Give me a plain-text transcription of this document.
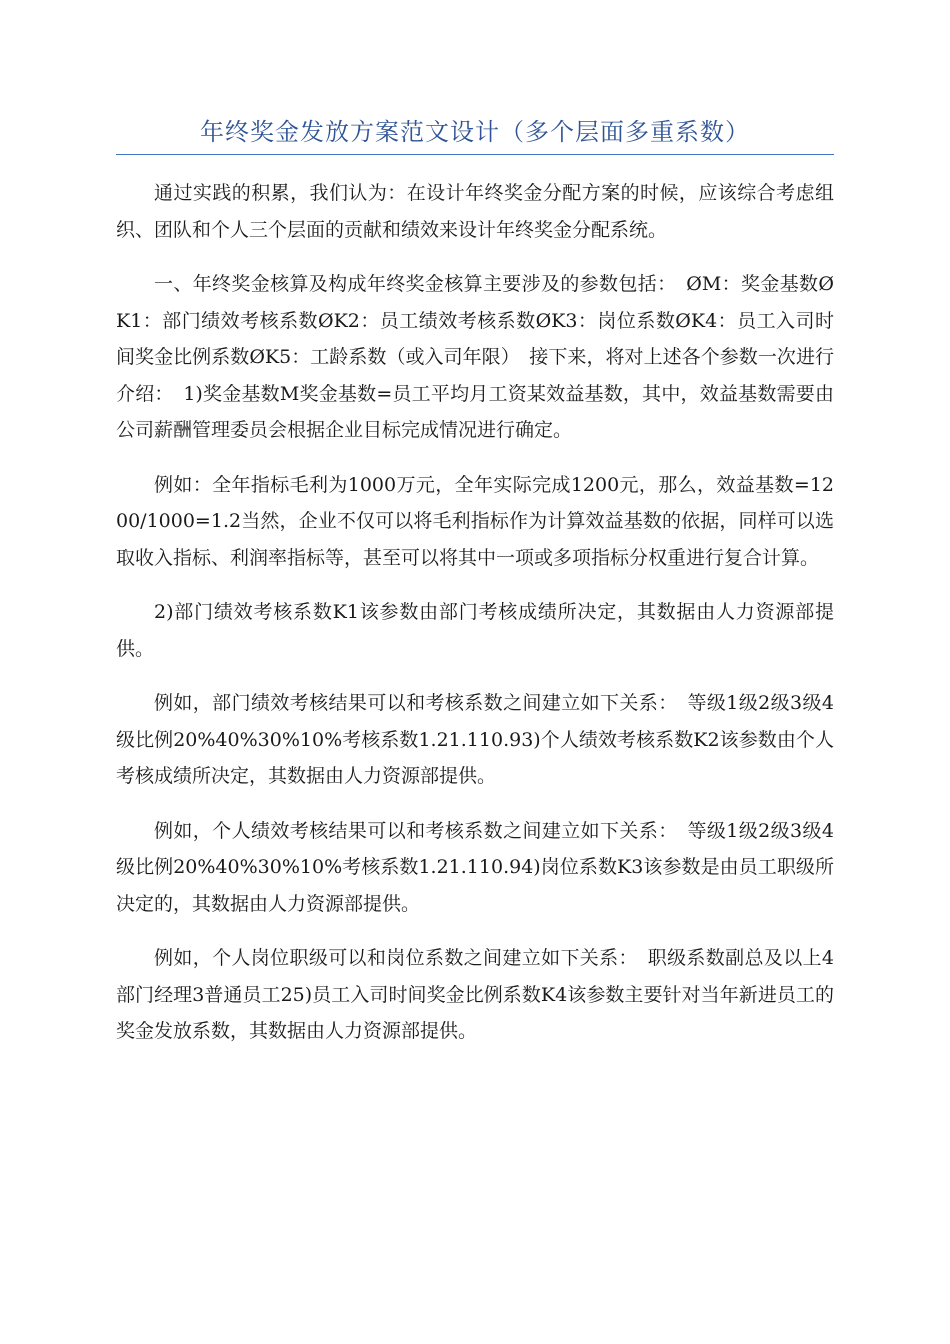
年终奖金发放方案范文设计（多个层面多重系数）

通过实践的积累，我们认为：在设计年终奖金分配方案的时候，应该综合考虑组织、团队和个人三个层面的贡献和绩效来设计年终奖金分配系统。

一、年终奖金核算及构成年终奖金核算主要涉及的参数包括：　ØM：奖金基数ØK1：部门绩效考核系数ØK2：员工绩效考核系数ØK3：岗位系数ØK4：员工入司时间奖金比例系数ØK5：工龄系数（或入司年限）　接下来，将对上述各个参数一次进行介绍：　1)奖金基数M奖金基数=员工平均月工资某效益基数，其中，效益基数需要由公司薪酬管理委员会根据企业目标完成情况进行确定。

例如：全年指标毛利为1000万元，全年实际完成1200元，那么，效益基数=1200/1000=1.2当然，企业不仅可以将毛利指标作为计算效益基数的依据，同样可以选取收入指标、利润率指标等，甚至可以将其中一项或多项指标分权重进行复合计算。

2)部门绩效考核系数K1该参数由部门考核成绩所决定，其数据由人力资源部提供。

例如，部门绩效考核结果可以和考核系数之间建立如下关系：　等级1级2级3级4级比例20%40%30%10%考核系数1.21.110.93)个人绩效考核系数K2该参数由个人考核成绩所决定，其数据由人力资源部提供。

例如，个人绩效考核结果可以和考核系数之间建立如下关系：　等级1级2级3级4级比例20%40%30%10%考核系数1.21.110.94)岗位系数K3该参数是由员工职级所决定的，其数据由人力资源部提供。

例如，个人岗位职级可以和岗位系数之间建立如下关系：　职级系数副总及以上4部门经理3普通员工25)员工入司时间奖金比例系数K4该参数主要针对当年新进员工的奖金发放系数，其数据由人力资源部提供。
